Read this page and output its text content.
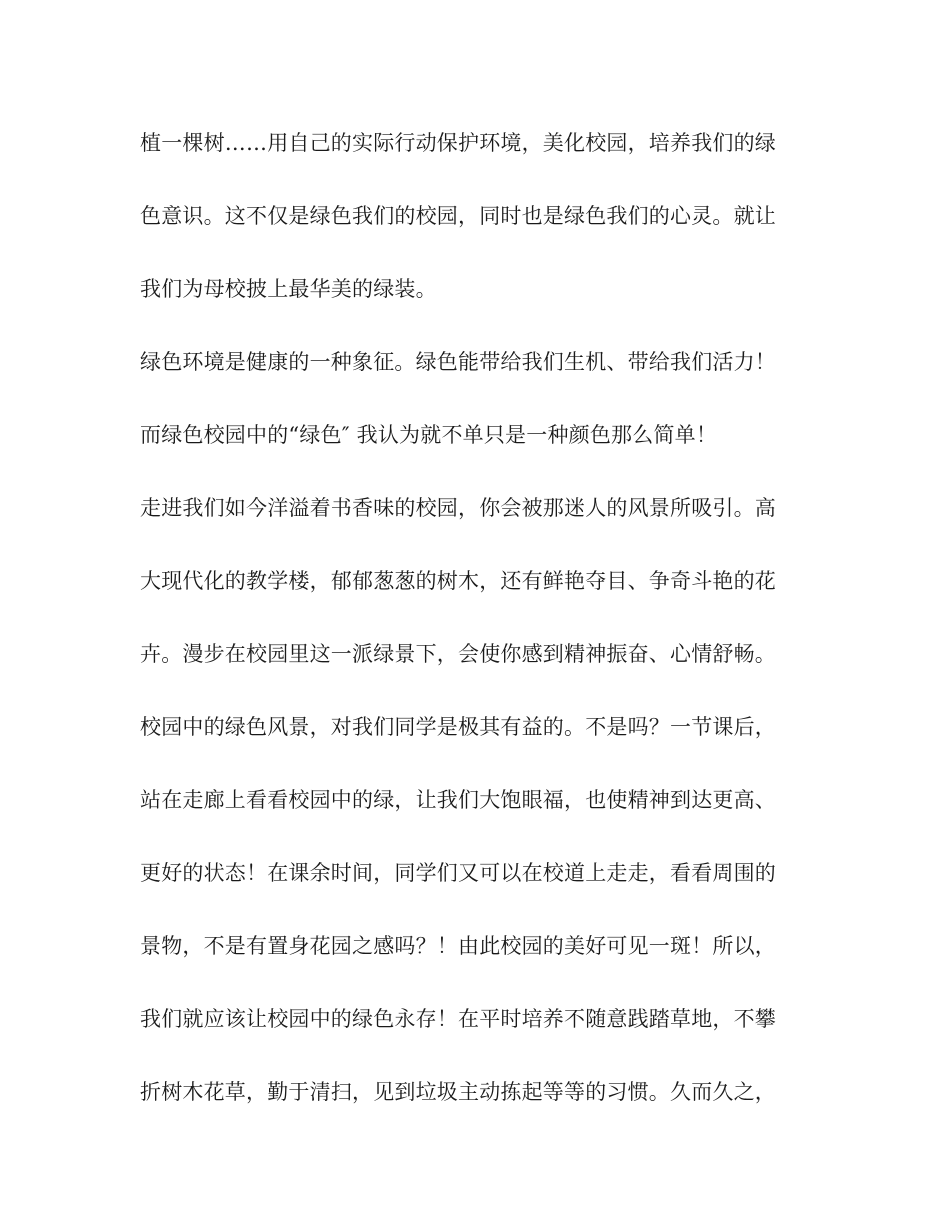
植一棵树……用自己的实际行动保护环境，美化校园，培养我们的绿
色意识。这不仅是绿色我们的校园，同时也是绿色我们的心灵。就让
我们为母校披上最华美的绿装。
绿色环境是健康的一种象征。绿色能带给我们生机、带给我们活力！
而绿色校园中的“绿色″ 我认为就不单只是一种颜色那么简单！
走进我们如今洋溢着书香味的校园，你会被那迷人的风景所吸引。高
大现代化的教学楼，郁郁葱葱的树木，还有鲜艳夺目、争奇斗艳的花
卉。漫步在校园里这一派绿景下，会使你感到精神振奋、心情舒畅。
校园中的绿色风景，对我们同学是极其有益的。不是吗？一节课后，
站在走廊上看看校园中的绿，让我们大饱眼福，也使精神到达更高、
更好的状态！在课余时间，同学们又可以在校道上走走，看看周围的
景物，不是有置身花园之感吗？！由此校园的美好可见一斑！所以，
我们就应该让校园中的绿色永存！在平时培养不随意践踏草地，不攀
折树木花草，勤于清扫，见到垃圾主动拣起等等的习惯。久而久之，
